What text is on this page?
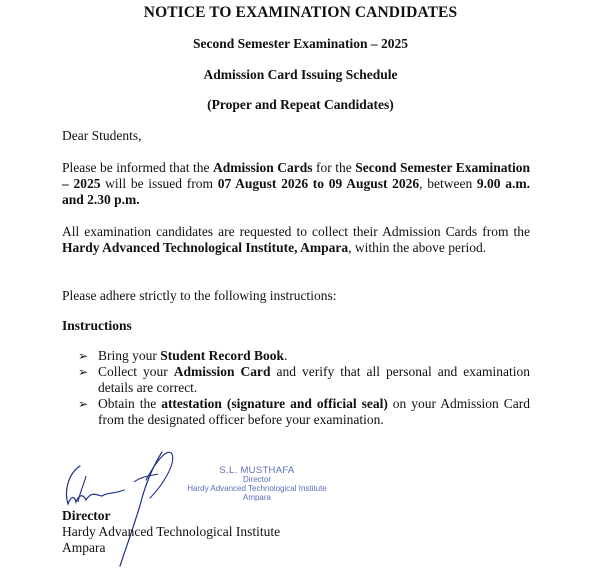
NOTICE TO EXAMINATION CANDIDATES
Second Semester Examination – 2025
Admission Card Issuing Schedule
(Proper and Repeat Candidates)
Dear Students,
Please be informed that the Admission Cards for the Second Semester Examination – 2025 will be issued from 07 August 2026 to 09 August 2026, between 9.00 a.m. and 2.30 p.m.
All examination candidates are requested to collect their Admission Cards from the Hardy Advanced Technological Institute, Ampara, within the above period.
Please adhere strictly to the following instructions:
Instructions
➢ Bring your Student Record Book.
➢ Collect your Admission Card and verify that all personal and examination details are correct.
➢ Obtain the attestation (signature and official seal) on your Admission Card from the designated officer before your examination.
S.L. MUSTHAFA
Director
Hardy Advanced Technological Institute
Ampara
Director
Hardy Advanced Technological Institute
Ampara
